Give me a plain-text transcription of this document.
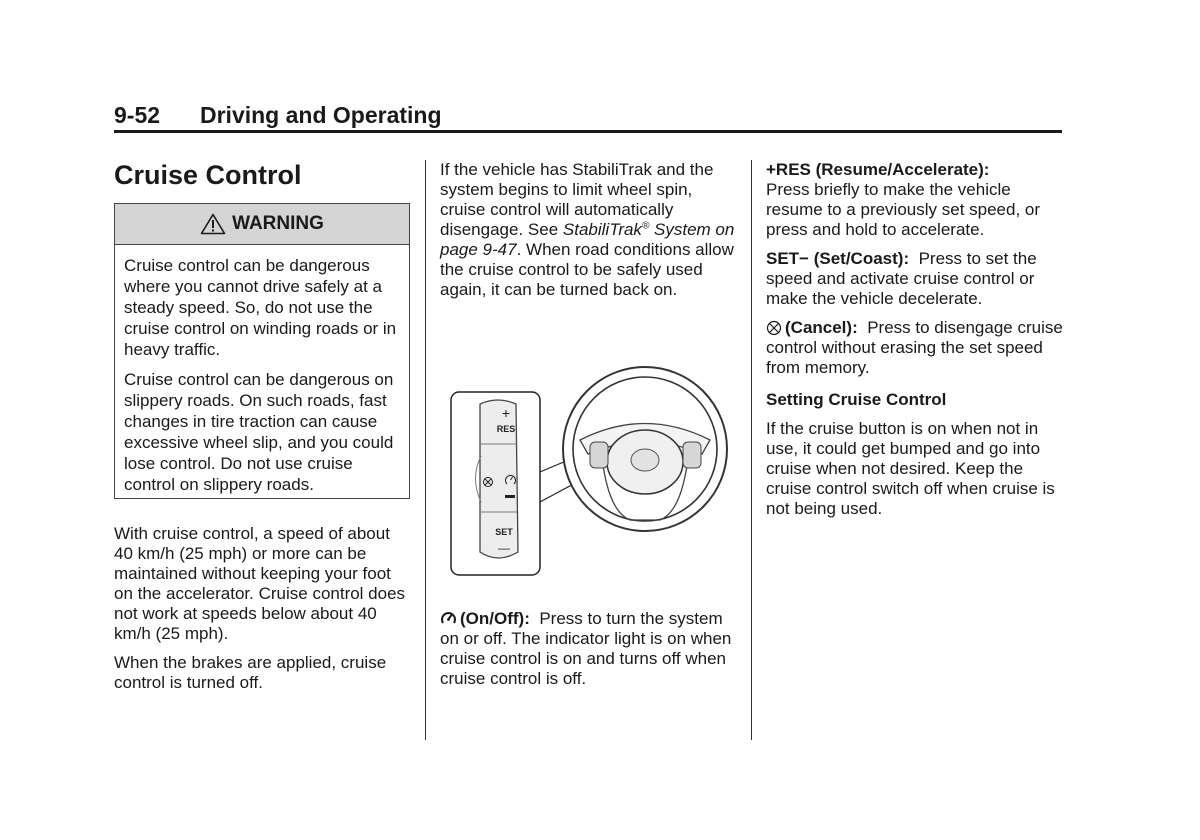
9-52 Driving and Operating
Cruise Control
WARNING

Cruise control can be dangerous where you cannot drive safely at a steady speed. So, do not use the cruise control on winding roads or in heavy traffic.

Cruise control can be dangerous on slippery roads. On such roads, fast changes in tire traction can cause excessive wheel slip, and you could lose control. Do not use cruise control on slippery roads.

With cruise control, a speed of about 40 km/h (25 mph) or more can be maintained without keeping your foot on the accelerator. Cruise control does not work at speeds below about 40 km/h (25 mph).

When the brakes are applied, cruise control is turned off.

If the vehicle has StabiliTrak and the system begins to limit wheel spin, cruise control will automatically disengage. See StabiliTrak® System on page 9-47. When road conditions allow the cruise control to be safely used again, it can be turned back on.

+
RES
SET
—

(On/Off): Press to turn the system on or off. The indicator light is on when cruise control is on and turns off when cruise control is off.

+RES (Resume/Accelerate):
Press briefly to make the vehicle resume to a previously set speed, or press and hold to accelerate.

SET− (Set/Coast): Press to set the speed and activate cruise control or make the vehicle decelerate.

(Cancel): Press to disengage cruise control without erasing the set speed from memory.

Setting Cruise Control

If the cruise button is on when not in use, it could get bumped and go into cruise when not desired. Keep the cruise control switch off when cruise is not being used.
